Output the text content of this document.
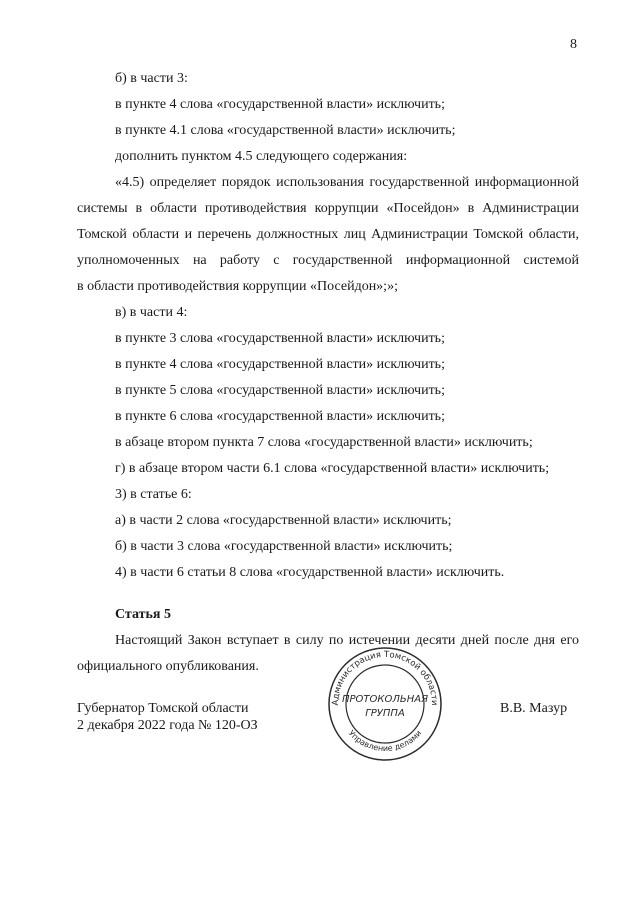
8
б) в части 3:
в пункте 4 слова «государственной власти» исключить;
в пункте 4.1 слова «государственной власти» исключить;
дополнить пунктом 4.5 следующего содержания:
«4.5) определяет порядок использования государственной информационной
системы в области противодействия коррупции «Посейдон» в Администрации
Томской области и перечень должностных лиц Администрации Томской области,
уполномоченных на работу с государственной информационной системой
в области противодействия коррупции «Посейдон»;»;
в) в части 4:
в пункте 3 слова «государственной власти» исключить;
в пункте 4 слова «государственной власти» исключить;
в пункте 5 слова «государственной власти» исключить;
в пункте 6 слова «государственной власти» исключить;
в абзаце втором пункта 7 слова «государственной власти» исключить;
г) в абзаце втором части 6.1 слова «государственной власти» исключить;
3) в статье 6:
а) в части 2 слова «государственной власти» исключить;
б) в части 3 слова «государственной власти» исключить;
4) в части 6 статьи 8 слова «государственной власти» исключить.
Статья 5
Настоящий Закон вступает в силу по истечении десяти дней после дня его
официального опубликования.
Губернатор Томской области
2 декабря 2022 года № 120-ОЗ
В.В. Мазур
Администрация Томской области
Управление делами
ПРОТОКОЛЬНАЯ
ГРУППА
